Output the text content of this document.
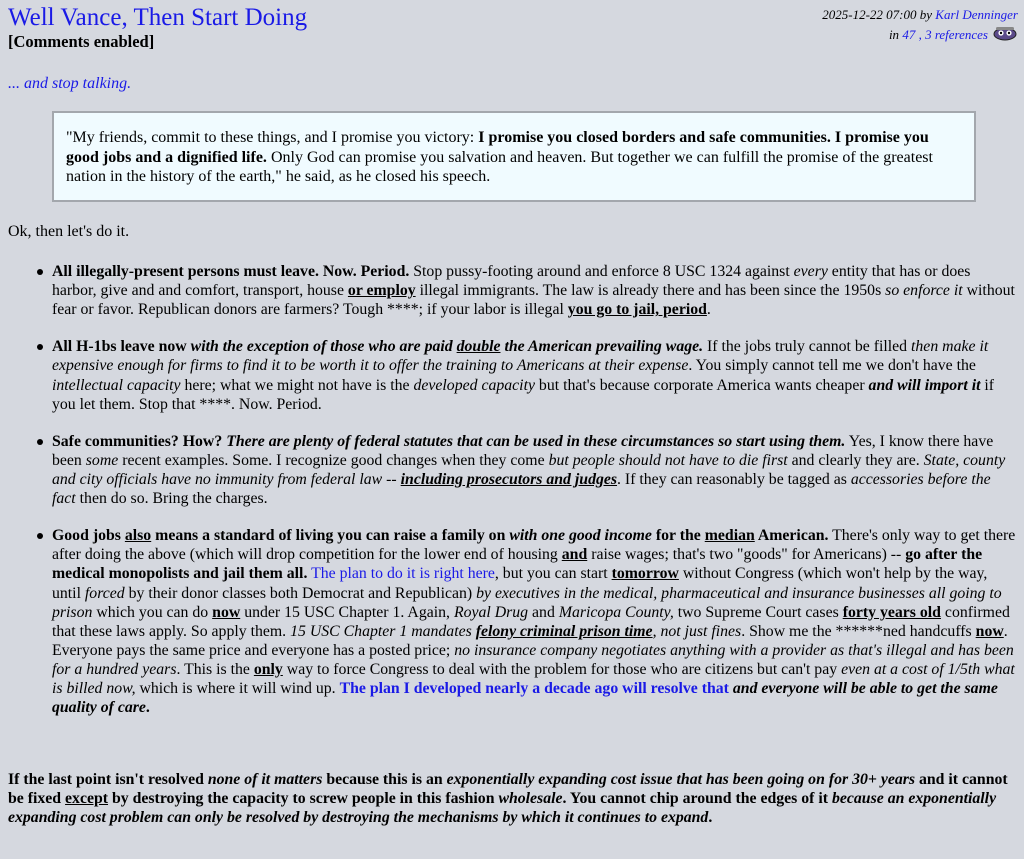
Well Vance, Then Start Doing
[Comments enabled]
2025-12-22 07:00 by Karl Denninger
in 47 , 3 references
... and stop talking.
"My friends, commit to these things, and I promise you victory: I promise you closed borders and safe communities. I promise you good jobs and a dignified life. Only God can promise you salvation and heaven. But together we can fulfill the promise of the greatest nation in the history of the earth," he said, as he closed his speech.
Ok, then let's do it.
All illegally-present persons must leave. Now. Period. Stop pussy-footing around and enforce 8 USC 1324 against every entity that has or does harbor, give and and comfort, transport, house or employ illegal immigrants. The law is already there and has been since the 1950s so enforce it without fear or favor. Republican donors are farmers? Tough ****; if your labor is illegal you go to jail, period.
All H-1bs leave now with the exception of those who are paid double the American prevailing wage. If the jobs truly cannot be filled then make it expensive enough for firms to find it to be worth it to offer the training to Americans at their expense. You simply cannot tell me we don't have the intellectual capacity here; what we might not have is the developed capacity but that's because corporate America wants cheaper and will import it if you let them. Stop that ****. Now. Period.
Safe communities? How? There are plenty of federal statutes that can be used in these circumstances so start using them. Yes, I know there have been some recent examples. Some. I recognize good changes when they come but people should not have to die first and clearly they are. State, county and city officials have no immunity from federal law -- including prosecutors and judges. If they can reasonably be tagged as accessories before the fact then do so. Bring the charges.
Good jobs also means a standard of living you can raise a family on with one good income for the median American. There's only way to get there after doing the above (which will drop competition for the lower end of housing and raise wages; that's two "goods" for Americans) -- go after the medical monopolists and jail them all. The plan to do it is right here, but you can start tomorrow without Congress (which won't help by the way, until forced by their donor classes both Democrat and Republican) by executives in the medical, pharmaceutical and insurance businesses all going to prison which you can do now under 15 USC Chapter 1. Again, Royal Drug and Maricopa County, two Supreme Court cases forty years old confirmed that these laws apply. So apply them. 15 USC Chapter 1 mandates felony criminal prison time, not just fines. Show me the ******ned handcuffs now. Everyone pays the same price and everyone has a posted price; no insurance company negotiates anything with a provider as that's illegal and has been for a hundred years. This is the only way to force Congress to deal with the problem for those who are citizens but can't pay even at a cost of 1/5th what is billed now, which is where it will wind up. The plan I developed nearly a decade ago will resolve that and everyone will be able to get the same quality of care.
If the last point isn't resolved none of it matters because this is an exponentially expanding cost issue that has been going on for 30+ years and it cannot be fixed except by destroying the capacity to screw people in this fashion wholesale. You cannot chip around the edges of it because an exponentially expanding cost problem can only be resolved by destroying the mechanisms by which it continues to expand.
